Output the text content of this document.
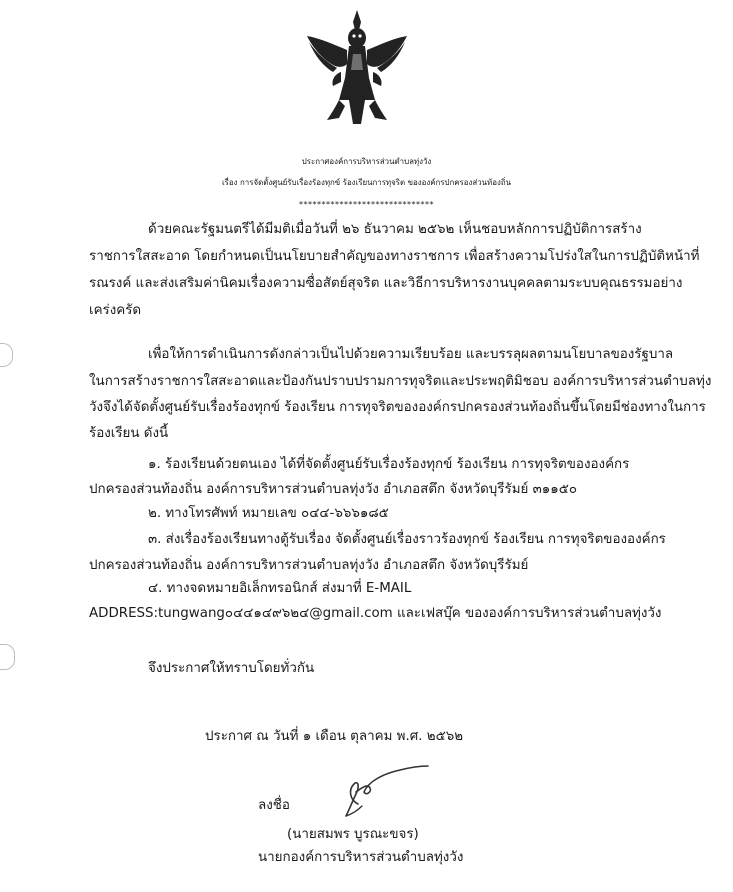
ประกาศองค์การบริหารส่วนตำบลทุ่งวัง
เรื่อง การจัดตั้งศูนย์รับเรื่องร้องทุกข์ ร้องเรียนการทุจริต ขององค์กรปกครองส่วนท้องถิ่น
******************************
ด้วยคณะรัฐมนตรีได้มีมติเมื่อวันที่ ๒๖ ธันวาคม ๒๕๖๒ เห็นชอบหลักการปฏิบัติการสร้าง
ราชการใสสะอาด โดยกำหนดเป็นนโยบายสำคัญของทางราชการ เพื่อสร้างความโปร่งใสในการปฏิบัติหน้าที่
รณรงค์ และส่งเสริมค่านิคมเรื่องความซื่อสัตย์สุจริต และวิธีการบริหารงานบุคคลตามระบบคุณธรรมอย่าง
เคร่งครัด
เพื่อให้การดำเนินการดังกล่าวเป็นไปด้วยความเรียบร้อย และบรรลุผลตามนโยบาลของรัฐบาล
ในการสร้างราชการใสสะอาดและป้องกันปราบปรามการทุจริตและประพฤติมิชอบ องค์การบริหารส่วนตำบลทุ่ง
วังจึงได้จัดตั้งศูนย์รับเรื่องร้องทุกข์ ร้องเรียน การทุจริตขององค์กรปกครองส่วนท้องถิ่นขึ้นโดยมีช่องทางในการ
ร้องเรียน ดังนี้
๑. ร้องเรียนด้วยตนเอง ได้ที่จัดตั้งศูนย์รับเรื่องร้องทุกข์ ร้องเรียน การทุจริตขององค์กร
ปกครองส่วนท้องถิ่น องค์การบริหารส่วนตำบลทุ่งวัง อำเภอสตึก จังหวัดบุรีรัมย์ ๓๑๑๕๐
๒. ทางโทรศัพท์ หมายเลข ๐๔๔-๖๖๖๑๘๕
๓. ส่งเรื่องร้องเรียนทางตู้รับเรื่อง จัดตั้งศูนย์เรื่องราวร้องทุกข์ ร้องเรียน การทุจริตขององค์กร
ปกครองส่วนท้องถิ่น องค์การบริหารส่วนตำบลทุ่งวัง อำเภอสตึก จังหวัดบุรีรัมย์
๔. ทางจดหมายอิเล็กทรอนิกส์ ส่งมาที่ E-MAIL
ADDRESS:tungwang๐๔๔๑๔๙๖๒๔@gmail.com และเฟสบุ๊ค ขององค์การบริหารส่วนตำบลทุ่งวัง
จึงประกาศให้ทราบโดยทั่วกัน
ประกาศ ณ วันที่ ๑ เดือน ตุลาคม พ.ศ. ๒๕๖๒
ลงชื่อ
(นายสมพร บูรณะขจร)
นายกองค์การบริหารส่วนตำบลทุ่งวัง
